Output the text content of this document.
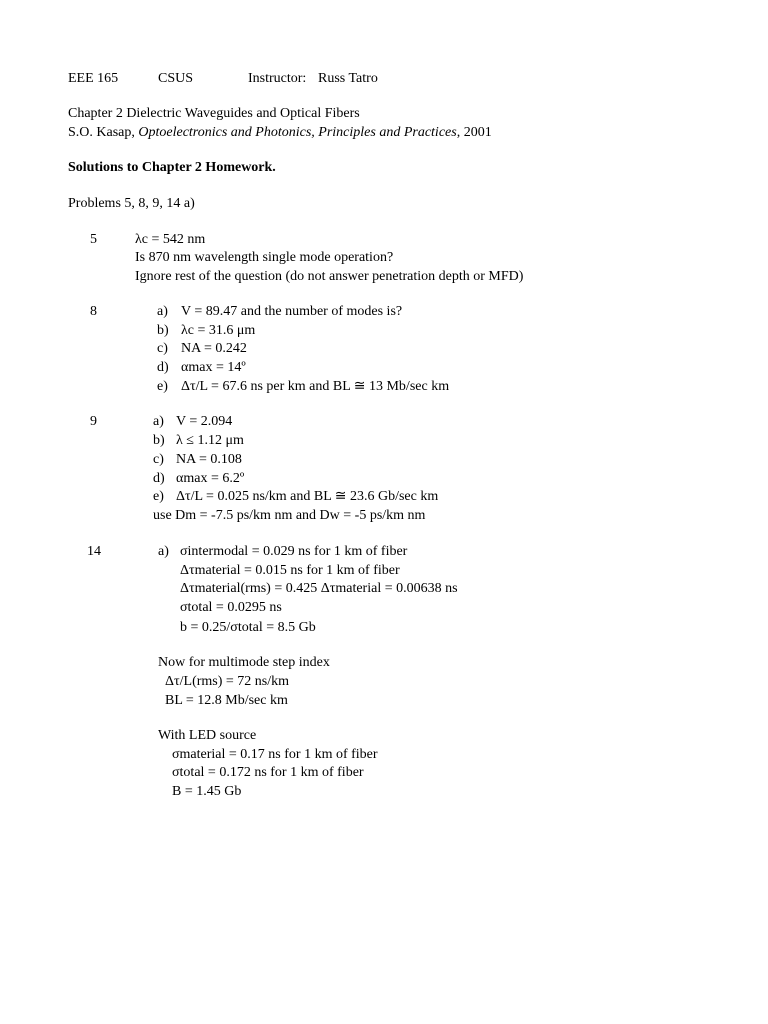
EEE 165	CSUS	Instructor: Russ Tatro
Chapter 2 Dielectric Waveguides and Optical Fibers
S.O. Kasap, Optoelectronics and Photonics, Principles and Practices, 2001
Solutions to Chapter 2 Homework.
Problems 5, 8, 9, 14 a)
5	λc = 542 nm
Is 870 nm wavelength single mode operation?
Ignore rest of the question (do not answer penetration depth or MFD)
8	a) V = 89.47 and the number of modes is?
b) λc = 31.6 μm
c) NA = 0.242
d) αmax = 14º
e) Δτ/L = 67.6 ns per km and BL ≅ 13 Mb/sec km
9	a) V = 2.094
b) λ ≤ 1.12 μm
c) NA = 0.108
d) αmax = 6.2º
e) Δτ/L = 0.025 ns/km and BL ≅ 23.6 Gb/sec km
use Dm = -7.5 ps/km nm and Dw = -5 ps/km nm
14	a) σintermodal = 0.029 ns for 1 km of fiber
Δτmaterial = 0.015 ns for 1 km of fiber
Δτmaterial(rms) = 0.425 Δτmaterial = 0.00638 ns
σtotal = 0.0295 ns
b = 0.25/σtotal = 8.5 Gb
Now for multimode step index
Δτ/L(rms) = 72 ns/km
BL = 12.8 Mb/sec km
With LED source
σmaterial = 0.17 ns for 1 km of fiber
σtotal = 0.172 ns for 1 km of fiber
B = 1.45 Gb
